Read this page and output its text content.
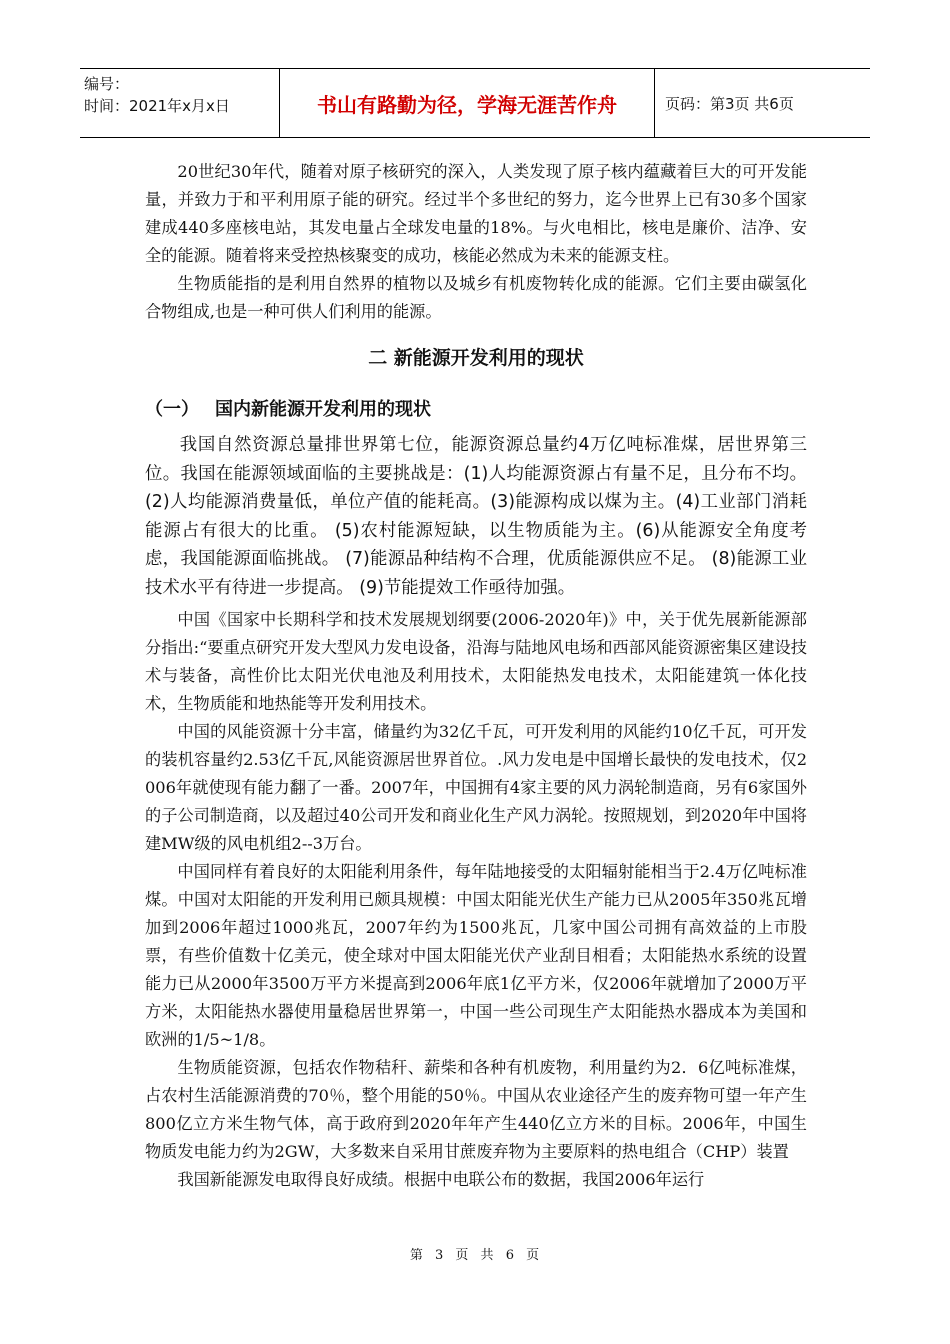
编号：
时间：2021年x月x日	书山有路勤为径，学海无涯苦作舟	页码：第3页 共6页

20世纪30年代，随着对原子核研究的深入，人类发现了原子核内蕴藏着巨大的可开发能量，并致力于和平利用原子能的研究。经过半个多世纪的努力，迄今世界上已有30多个国家建成440多座核电站，其发电量占全球发电量的18%。与火电相比，核电是廉价、洁净、安全的能源。随着将来受控热核聚变的成功，核能必然成为未来的能源支柱。

生物质能指的是利用自然界的植物以及城乡有机废物转化成的能源。它们主要由碳氢化合物组成,也是一种可供人们利用的能源。

二 新能源开发利用的现状

（一） 国内新能源开发利用的现状

我国自然资源总量排世界第七位，能源资源总量约4万亿吨标准煤，居世界第三位。我国在能源领域面临的主要挑战是：(1)人均能源资源占有量不足，且分布不均。(2)人均能源消费量低，单位产值的能耗高。(3)能源构成以煤为主。(4)工业部门消耗能源占有很大的比重。 (5)农村能源短缺，以生物质能为主。(6)从能源安全角度考虑，我国能源面临挑战。 (7)能源品种结构不合理，优质能源供应不足。 (8)能源工业技术水平有待进一步提高。 (9)节能提效工作亟待加强。

中国《国家中长期科学和技术发展规划纲要(2006-2020年)》中，关于优先展新能源部分指出:“要重点研究开发大型风力发电设备，沿海与陆地风电场和西部风能资源密集区建设技术与装备，高性价比太阳光伏电池及利用技术，太阳能热发电技术，太阳能建筑一体化技术，生物质能和地热能等开发利用技术。

中国的风能资源十分丰富，储量约为32亿千瓦，可开发利用的风能约10亿千瓦，可开发的装机容量约2.53亿千瓦,风能资源居世界首位。.风力发电是中国增长最快的发电技术，仅2006年就使现有能力翻了一番。2007年，中国拥有4家主要的风力涡轮制造商，另有6家国外的子公司制造商，以及超过40公司开发和商业化生产风力涡轮。按照规划，到2020年中国将建MW级的风电机组2--3万台。

中国同样有着良好的太阳能利用条件，每年陆地接受的太阳辐射能相当于2.4万亿吨标准煤。中国对太阳能的开发利用已颇具规模：中国太阳能光伏生产能力已从2005年350兆瓦增加到2006年超过1000兆瓦，2007年约为1500兆瓦，几家中国公司拥有高效益的上市股票，有些价值数十亿美元，使全球对中国太阳能光伏产业刮目相看；太阳能热水系统的设置能力已从2000年3500万平方米提高到2006年底1亿平方米，仅2006年就增加了2000万平方米，太阳能热水器使用量稳居世界第一，中国一些公司现生产太阳能热水器成本为美国和欧洲的1/5~1/8。

生物质能资源，包括农作物秸秆、薪柴和各种有机废物，利用量约为2．6亿吨标准煤，占农村生活能源消费的70％，整个用能的50％。中国从农业途径产生的废弃物可望一年产生800亿立方米生物气体，高于政府到2020年年产生440亿立方米的目标。2006年，中国生物质发电能力约为2GW，大多数来自采用甘蔗废弃物为主要原料的热电组合（CHP）装置

我国新能源发电取得良好成绩。根据中电联公布的数据，我国2006年运行

第 3 页 共 6 页
